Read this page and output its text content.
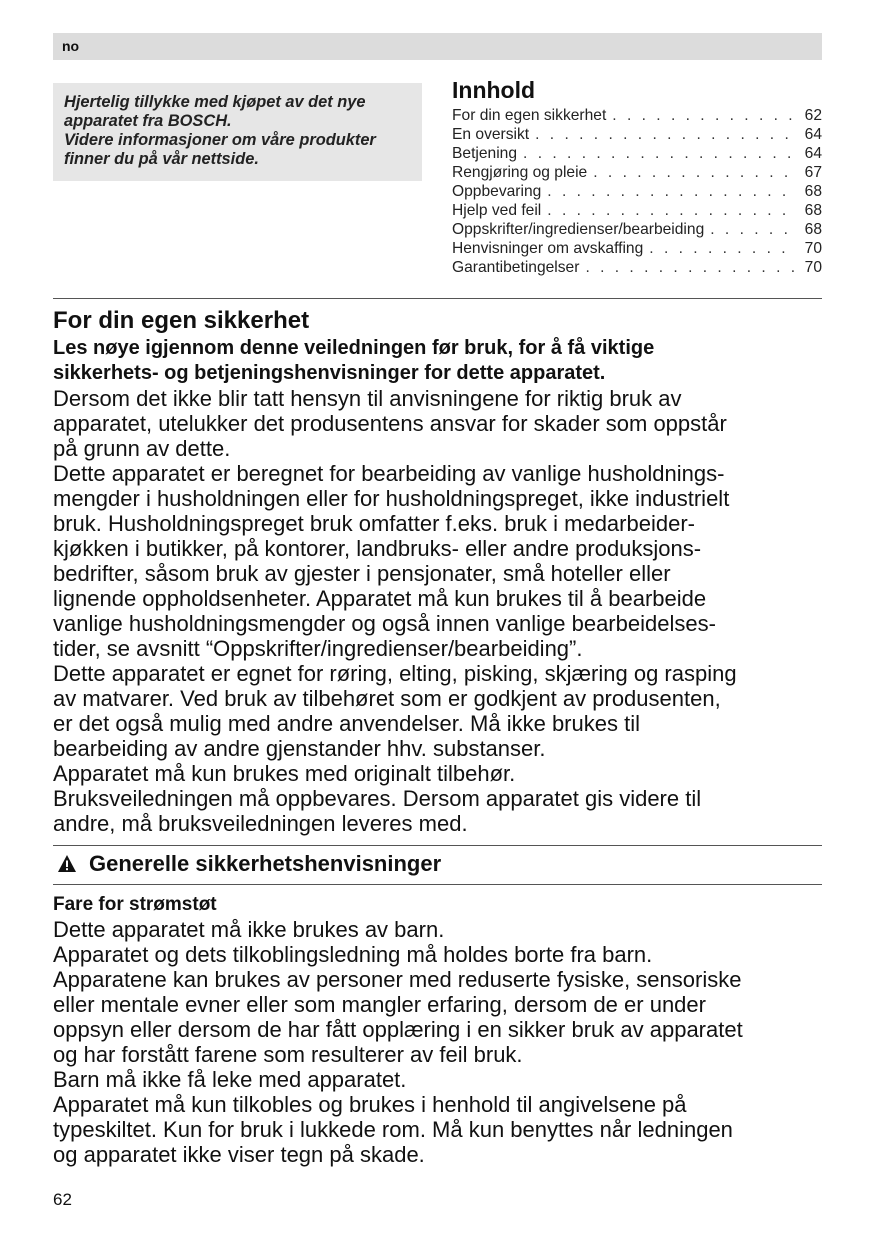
no

Hjertelig tillykke med kjøpet av det nye
apparatet fra BOSCH.
Videre informasjoner om våre produkter
finner du på vår nettside.

Innhold
For din egen sikkerhet . . .	62
En oversikt . . .	64
Betjening . . .	64
Rengjøring og pleie . . .	67
Oppbevaring . . .	68
Hjelp ved feil . . .	68
Oppskrifter/ingredienser/bearbeiding . . .	68
Henvisninger om avskaffing . . .	70
Garantibetingelser . . .	70
For din egen sikkerhet

Les nøye igjennom denne veiledningen før bruk, for å få viktige
sikkerhets- og betjeningshenvisninger for dette apparatet.

Dersom det ikke blir tatt hensyn til anvisningene for riktig bruk av
apparatet, utelukker det produsentens ansvar for skader som oppstår
på grunn av dette.
Dette apparatet er beregnet for bearbeiding av vanlige husholdnings-
mengder i husholdningen eller for husholdningspreget, ikke industrielt
bruk. Husholdningspreget bruk omfatter f.eks. bruk i medarbeider-
kjøkken i butikker, på kontorer, landbruks- eller andre produksjons-
bedrifter, såsom bruk av gjester i pensjonater, små hoteller eller
lignende oppholdsenheter. Apparatet må kun brukes til å bearbeide
vanlige husholdningsmengder og også innen vanlige bearbeidelses-
tider, se avsnitt “Oppskrifter/ingredienser/bearbeiding”.
Dette apparatet er egnet for røring, elting, pisking, skjæring og rasping
av matvarer. Ved bruk av tilbehøret som er godkjent av produsenten,
er det også mulig med andre anvendelser. Må ikke brukes til
bearbeiding av andre gjenstander hhv. substanser.
Apparatet må kun brukes med originalt tilbehør.
Bruksveiledningen må oppbevares. Dersom apparatet gis videre til
andre, må bruksveiledningen leveres med.

Generelle sikkerhetshenvisninger
Fare for strømstøt

Dette apparatet må ikke brukes av barn.
Apparatet og dets tilkoblingsledning må holdes borte fra barn.
Apparatene kan brukes av personer med reduserte fysiske, sensoriske
eller mentale evner eller som mangler erfaring, dersom de er under
oppsyn eller dersom de har fått opplæring i en sikker bruk av apparatet
og har forstått farene som resulterer av feil bruk.
Barn må ikke få leke med apparatet.
Apparatet må kun tilkobles og brukes i henhold til angivelsene på
typeskiltet. Kun for bruk i lukkede rom. Må kun benyttes når ledningen
og apparatet ikke viser tegn på skade.

62
